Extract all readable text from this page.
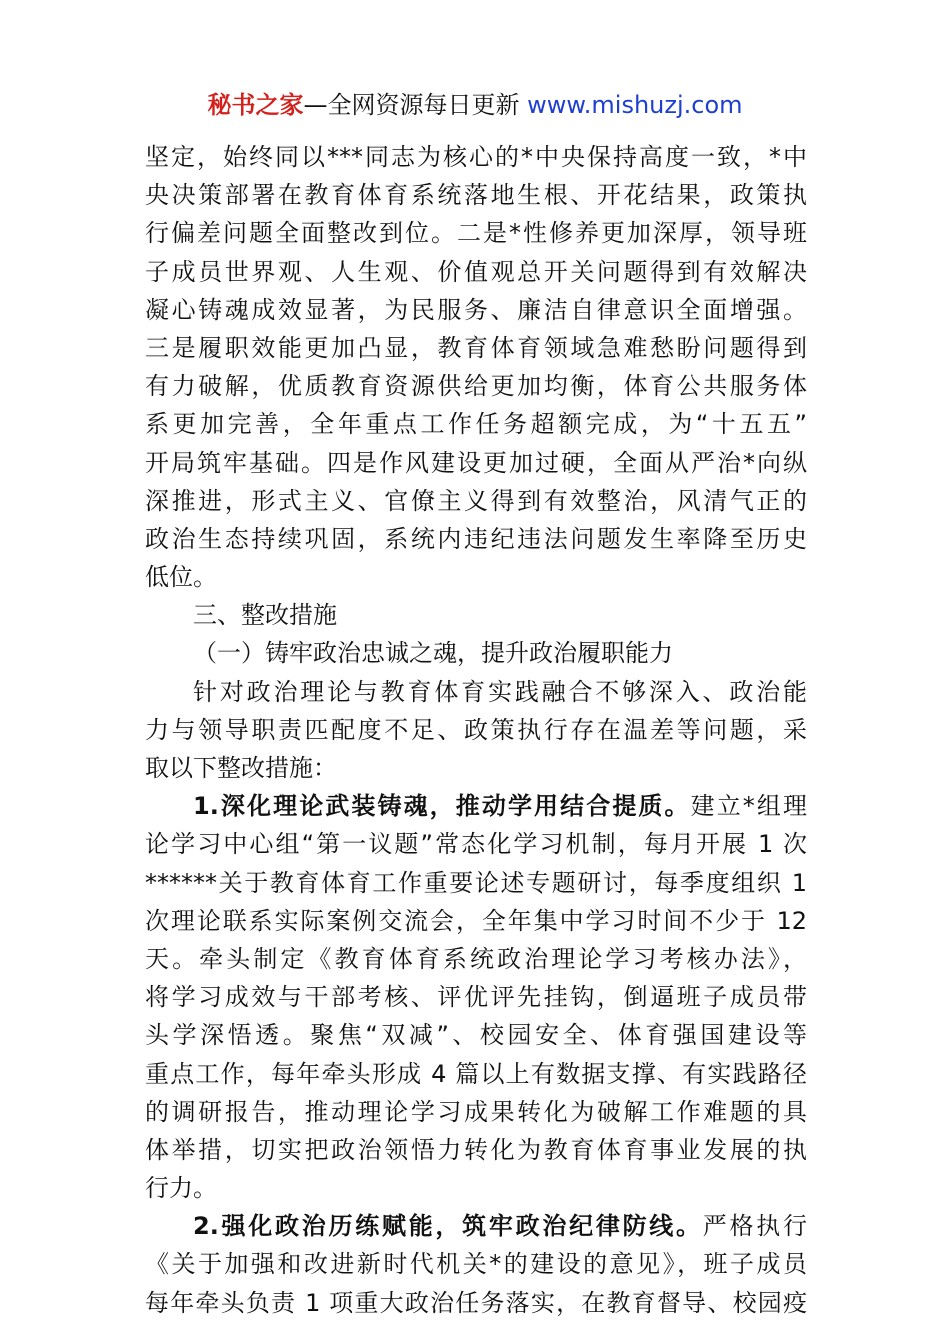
秘书之家—全网资源每日更新 www.mishuzj.com
坚定，始终同以***同志为核心的*中央保持高度一致，*中
央决策部署在教育体育系统落地生根、开花结果，政策执
行偏差问题全面整改到位。二是*性修养更加深厚，领导班
子成员世界观、人生观、价值观总开关问题得到有效解决
凝心铸魂成效显著，为民服务、廉洁自律意识全面增强。
三是履职效能更加凸显，教育体育领域急难愁盼问题得到
有力破解，优质教育资源供给更加均衡，体育公共服务体
系更加完善，全年重点工作任务超额完成，为“十五五”
开局筑牢基础。四是作风建设更加过硬，全面从严治*向纵
深推进，形式主义、官僚主义得到有效整治，风清气正的
政治生态持续巩固，系统内违纪违法问题发生率降至历史
低位。
三、整改措施
（一）铸牢政治忠诚之魂，提升政治履职能力
针对政治理论与教育体育实践融合不够深入、政治能
力与领导职责匹配度不足、政策执行存在温差等问题，采
取以下整改措施：
1.深化理论武装铸魂，推动学用结合提质。建立*组理
论学习中心组“第一议题”常态化学习机制，每月开展 1 次
******关于教育体育工作重要论述专题研讨，每季度组织 1
次理论联系实际案例交流会，全年集中学习时间不少于 12
天。牵头制定《教育体育系统政治理论学习考核办法》，
将学习成效与干部考核、评优评先挂钩，倒逼班子成员带
头学深悟透。聚焦“双减”、校园安全、体育强国建设等
重点工作，每年牵头形成 4 篇以上有数据支撑、有实践路径
的调研报告，推动理论学习成果转化为破解工作难题的具
体举措，切实把政治领悟力转化为教育体育事业发展的执
行力。
2.强化政治历练赋能，筑牢政治纪律防线。严格执行
《关于加强和改进新时代机关*的建设的意见》，班子成员
每年牵头负责 1 项重大政治任务落实，在教育督导、校园疫
